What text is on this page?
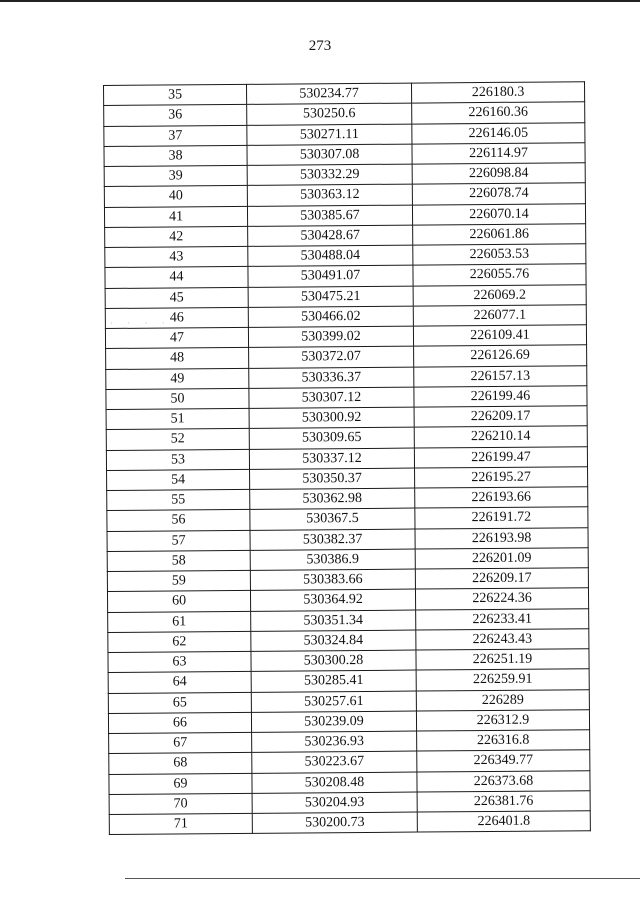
273
· · · ·
35	530234.77	226180.3
36	530250.6	226160.36
37	530271.11	226146.05
38	530307.08	226114.97
39	530332.29	226098.84
40	530363.12	226078.74
41	530385.67	226070.14
42	530428.67	226061.86
43	530488.04	226053.53
44	530491.07	226055.76
45	530475.21	226069.2
46	530466.02	226077.1
47	530399.02	226109.41
48	530372.07	226126.69
49	530336.37	226157.13
50	530307.12	226199.46
51	530300.92	226209.17
52	530309.65	226210.14
53	530337.12	226199.47
54	530350.37	226195.27
55	530362.98	226193.66
56	530367.5	226191.72
57	530382.37	226193.98
58	530386.9	226201.09
59	530383.66	226209.17
60	530364.92	226224.36
61	530351.34	226233.41
62	530324.84	226243.43
63	530300.28	226251.19
64	530285.41	226259.91
65	530257.61	226289
66	530239.09	226312.9
67	530236.93	226316.8
68	530223.67	226349.77
69	530208.48	226373.68
70	530204.93	226381.76
71	530200.73	226401.8
